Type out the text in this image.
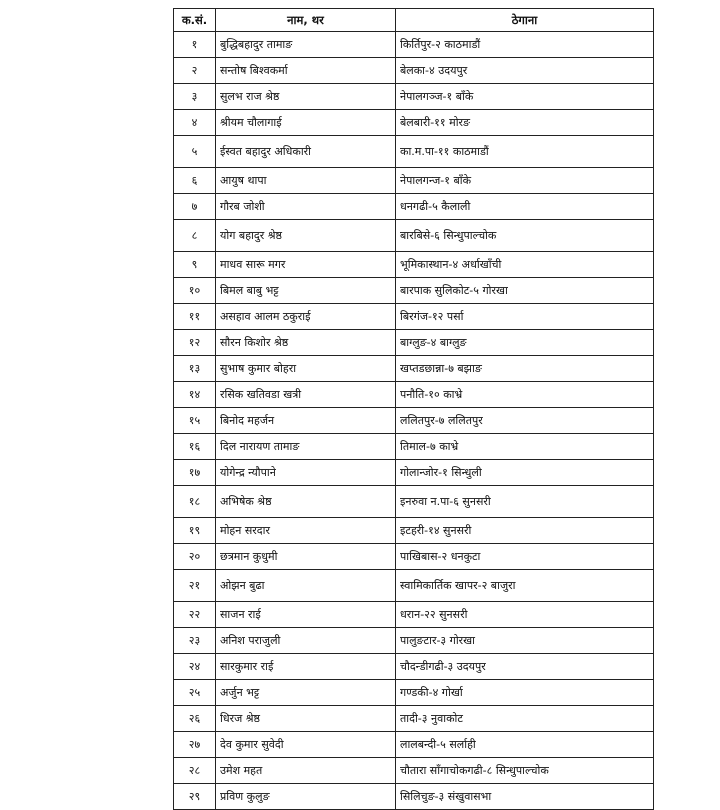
क.सं.	नाम, थर	ठेगाना
१	बुद्धिबहादुर तामाङ	किर्तिपुर-२ काठमाडौं
२	सन्तोष बिश्वकर्मा	बेलका-४ उदयपुर
३	सुलभ राज श्रेष्ठ	नेपालगञ्ज-१ बाँके
४	श्रीयम चौलागाई	बेलबारी-११ मोरङ
५	ईस्वत बहादुर अधिकारी	का.म.पा-११ काठमाडौं
६	आयुष थापा	नेपालगन्ज-१ बाँके
७	गौरब जोशी	धनगढी-५ कैलाली
८	योग बहादुर श्रेष्ठ	बारबिसे-६ सिन्धुपाल्चोक
९	माधव सारू मगर	भूमिकास्थान-४ अर्धाखाँची
१०	बिमल बाबु भट्ट	बारपाक सुलिकोट-५ गोरखा
११	असहाव आलम ठकुराई	बिरगंज-१२ पर्सा
१२	सौरन किशोर श्रेष्ठ	बाग्लुङ-४ बाग्लुङ
१३	सुभाष कुमार बोहरा	खप्तडछान्ना-७ बझाङ
१४	रसिक खतिवडा खत्री	पनौति-१० काभ्रे
१५	बिनोद महर्जन	ललितपुर-७ ललितपुर
१६	दिल नारायण तामाङ	तिमाल-७ काभ्रे
१७	योगेन्द्र न्यौपाने	गोलान्जोर-१ सिन्धुली
१८	अभिषेक श्रेष्ठ	इनरुवा न.पा-६ सुनसरी
१९	मोहन सरदार	इटहरी-१४ सुनसरी
२०	छत्रमान कुधुमी	पाखिबास-२ धनकुटा
२१	ओझन बुढा	स्वामिकार्तिक खापर-२ बाजुरा
२२	साजन राई	धरान-२२ सुनसरी
२३	अनिश पराजुली	पालुङटार-३ गोरखा
२४	सारकुमार राई	चौदन्डीगढी-३ उदयपुर
२५	अर्जुन भट्ट	गण्डकी-४ गोर्खा
२६	धिरज श्रेष्ठ	तादी-३ नुवाकोट
२७	देव कुमार सुवेदी	लालबन्दी-५ सर्लाही
२८	उमेश महत	चौतारा साँगाचोकगढी-८ सिन्धुपाल्चोक
२९	प्रविण कुलुङ	सिलिचुङ-३ संखुवासभा
